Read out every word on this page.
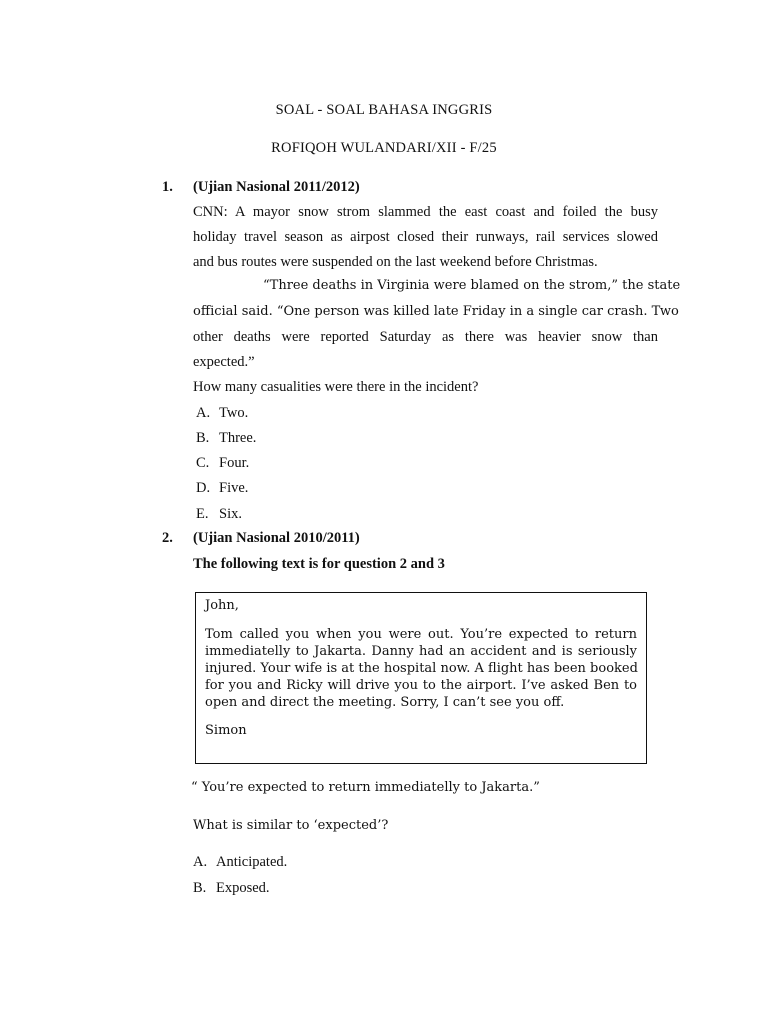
SOAL - SOAL BAHASA INGGRIS
ROFIQOH WULANDARI/XII - F/25
1. (Ujian Nasional 2011/2012)
CNN: A mayor snow strom slammed the east coast and foiled the busy
holiday travel season as airpost closed their runways, rail services slowed
and bus routes were suspended on the last weekend before Christmas.
“Three deaths in Virginia were blamed on the strom,” the state
official said. “One person was killed late Friday in a single car crash. Two
other deaths were reported Saturday as there was heavier snow than
expected.”
How many casualities were there in the incident?
A. Two.
B. Three.
C. Four.
D. Five.
E. Six.
2. (Ujian Nasional 2010/2011)
The following text is for question 2 and 3
John,
Tom called you when you were out. You’re expected to return
immediatelly to Jakarta. Danny had an accident and is seriously
injured. Your wife is at the hospital now. A flight has been booked
for you and Ricky will drive you to the airport. I’ve asked Ben to
open and direct the meeting. Sorry, I can’t see you off.
Simon
“ You’re expected to return immediatelly to Jakarta.”
What is similar to ‘expected’?
A. Anticipated.
B. Exposed.
